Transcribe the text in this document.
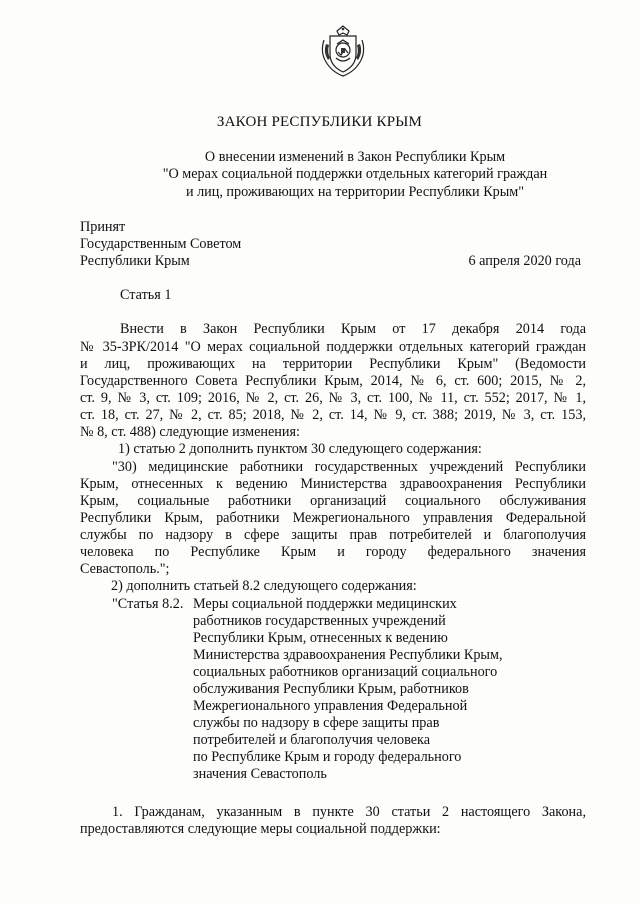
ЗАКОН РЕСПУБЛИКИ КРЫМ
О внесении изменений в Закон Республики Крым
"О мерах социальной поддержки отдельных категорий граждан
и лиц, проживающих на территории Республики Крым"
Принят
Государственным Советом
Республики Крым	6 апреля 2020 года
Статья 1
Внести в Закон Республики Крым от 17 декабря 2014 года
№ 35-ЗРК/2014 "О мерах социальной поддержки отдельных категорий граждан
и лиц, проживающих на территории Республики Крым" (Ведомости
Государственного Совета Республики Крым, 2014, № 6, ст. 600; 2015, № 2,
ст. 9, № 3, ст. 109; 2016, № 2, ст. 26, № 3, ст. 100, № 11, ст. 552; 2017, № 1,
ст. 18, ст. 27, № 2, ст. 85; 2018, № 2, ст. 14, № 9, ст. 388; 2019, № 3, ст. 153,
№ 8, ст. 488) следующие изменения:
1) статью 2 дополнить пунктом 30 следующего содержания:
"30) медицинские работники государственных учреждений Республики
Крым, отнесенных к ведению Министерства здравоохранения Республики
Крым, социальные работники организаций социального обслуживания
Республики Крым, работники Межрегионального управления Федеральной
службы по надзору в сфере защиты прав потребителей и благополучия
человека по Республике Крым и городу федерального значения
Севастополь.";
2) дополнить статьей 8.2 следующего содержания:
"Статья 8.2. Меры социальной поддержки медицинских
работников государственных учреждений
Республики Крым, отнесенных к ведению
Министерства здравоохранения Республики Крым,
социальных работников организаций социального
обслуживания Республики Крым, работников
Межрегионального управления Федеральной
службы по надзору в сфере защиты прав
потребителей и благополучия человека
по Республике Крым и городу федерального
значения Севастополь
1. Гражданам, указанным в пункте 30 статьи 2 настоящего Закона,
предоставляются следующие меры социальной поддержки:
